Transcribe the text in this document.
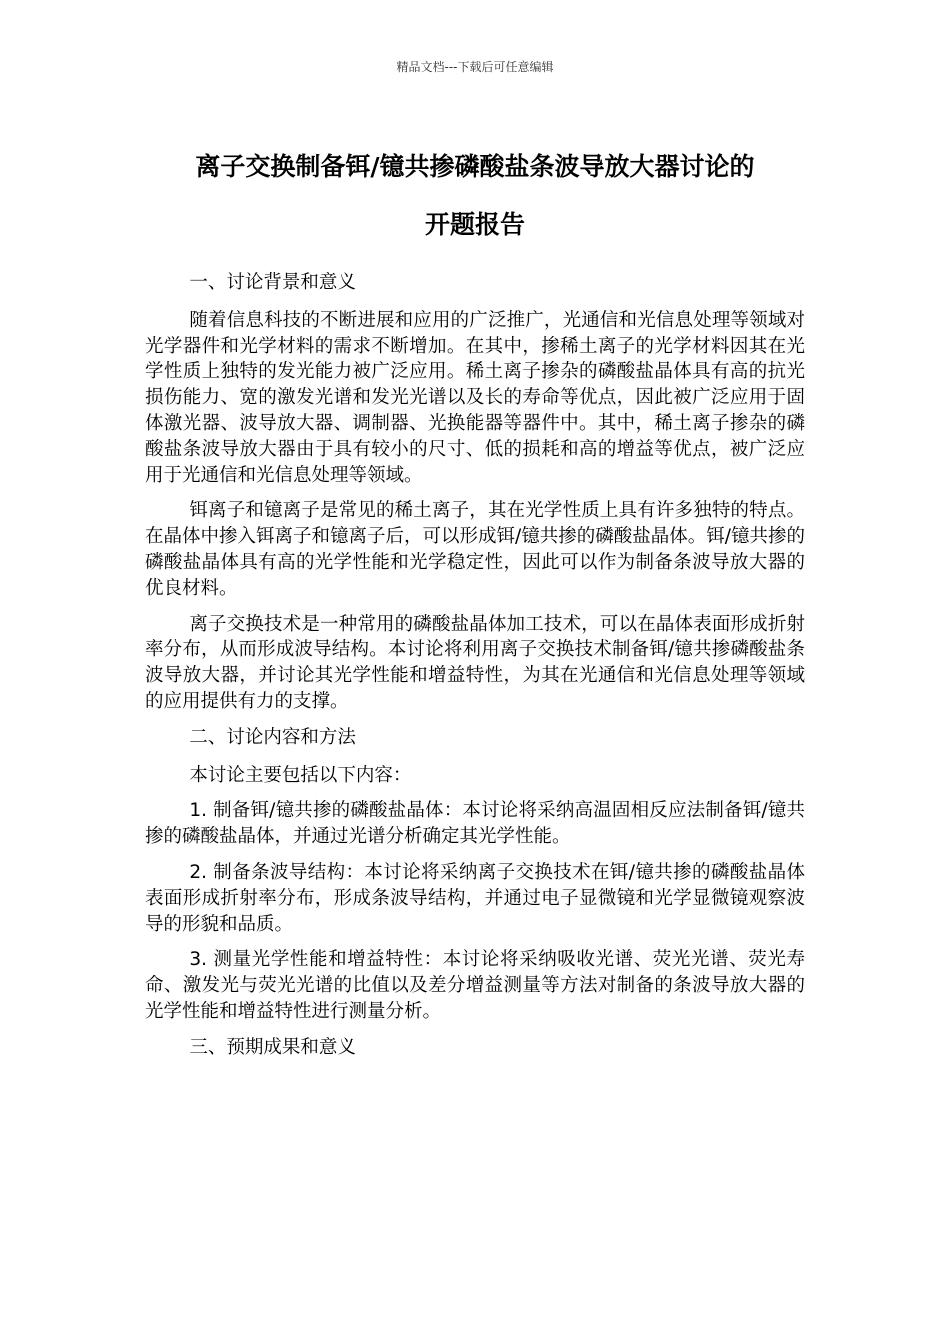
精品文档---下载后可任意编辑
离子交换制备铒/镱共掺磷酸盐条波导放大器讨论的
开题报告

一、讨论背景和意义

随着信息科技的不断进展和应用的广泛推广，光通信和光信息处理等领域对光学器件和光学材料的需求不断增加。在其中，掺稀土离子的光学材料因其在光学性质上独特的发光能力被广泛应用。稀土离子掺杂的磷酸盐晶体具有高的抗光损伤能力、宽的激发光谱和发光光谱以及长的寿命等优点，因此被广泛应用于固体激光器、波导放大器、调制器、光换能器等器件中。其中，稀土离子掺杂的磷酸盐条波导放大器由于具有较小的尺寸、低的损耗和高的增益等优点，被广泛应用于光通信和光信息处理等领域。

铒离子和镱离子是常见的稀土离子，其在光学性质上具有许多独特的特点。在晶体中掺入铒离子和镱离子后，可以形成铒/镱共掺的磷酸盐晶体。铒/镱共掺的磷酸盐晶体具有高的光学性能和光学稳定性，因此可以作为制备条波导放大器的优良材料。

离子交换技术是一种常用的磷酸盐晶体加工技术，可以在晶体表面形成折射率分布，从而形成波导结构。本讨论将利用离子交换技术制备铒/镱共掺磷酸盐条波导放大器，并讨论其光学性能和增益特性，为其在光通信和光信息处理等领域的应用提供有力的支撑。

二、讨论内容和方法

本讨论主要包括以下内容：

1. 制备铒/镱共掺的磷酸盐晶体：本讨论将采纳高温固相反应法制备铒/镱共掺的磷酸盐晶体，并通过光谱分析确定其光学性能。

2. 制备条波导结构：本讨论将采纳离子交换技术在铒/镱共掺的磷酸盐晶体表面形成折射率分布，形成条波导结构，并通过电子显微镜和光学显微镜观察波导的形貌和品质。

3. 测量光学性能和增益特性：本讨论将采纳吸收光谱、荧光光谱、荧光寿命、激发光与荧光光谱的比值以及差分增益测量等方法对制备的条波导放大器的光学性能和增益特性进行测量分析。

三、预期成果和意义
